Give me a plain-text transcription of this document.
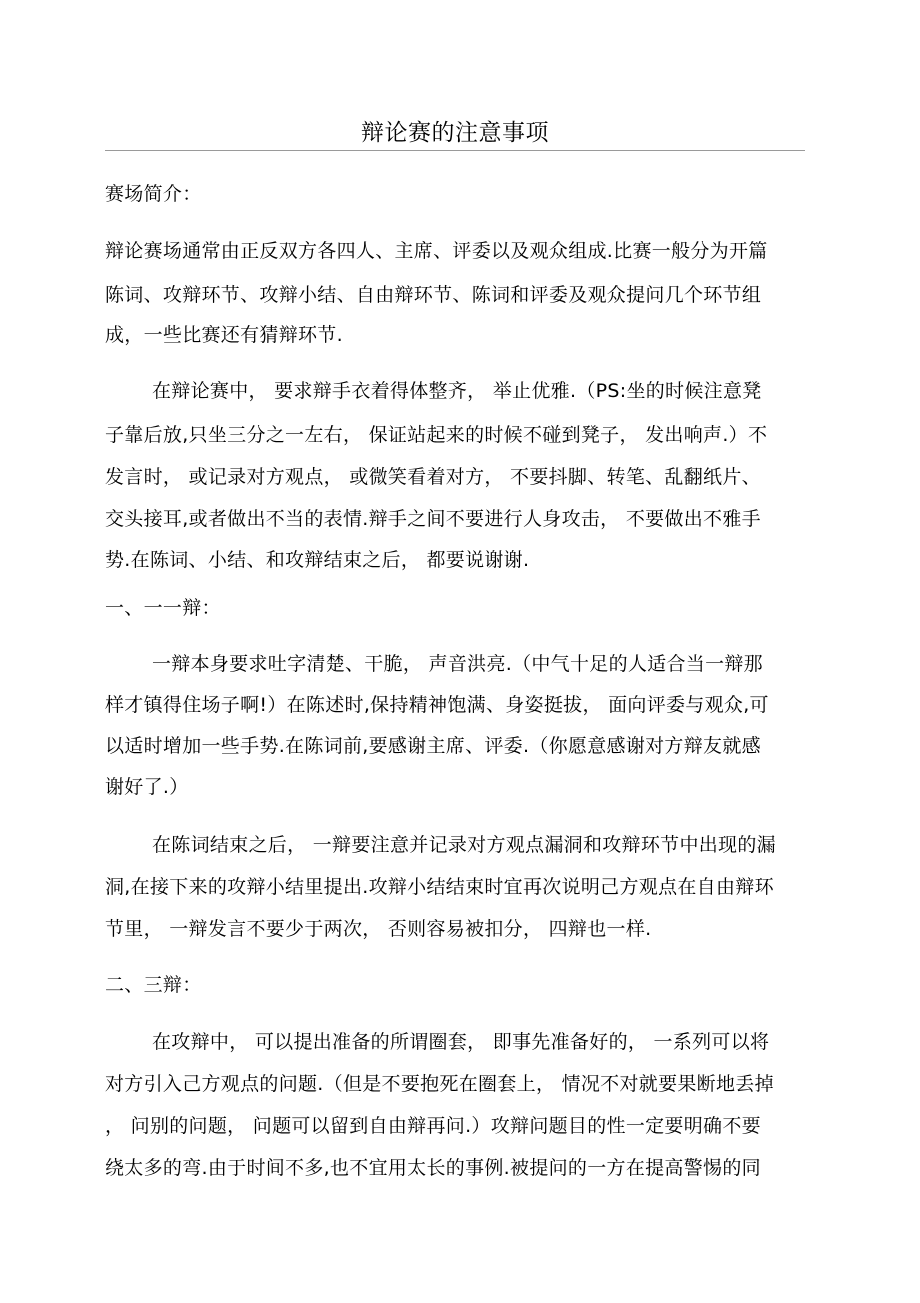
辩论赛的注意事项
赛场简介：
辩论赛场通常由正反双方各四人、主席、评委以及观众组成.比赛一般分为开篇
陈词、攻辩环节、攻辩小结、自由辩环节、陈词和评委及观众提问几个环节组
成，一些比赛还有猜辩环节.
在辩论赛中， 要求辩手衣着得体整齐， 举止优雅.（PS:坐的时候注意凳
子靠后放,只坐三分之一左右， 保证站起来的时候不碰到凳子， 发出响声.）不
发言时， 或记录对方观点， 或微笑看着对方， 不要抖脚、转笔、乱翻纸片、
交头接耳,或者做出不当的表情.辩手之间不要进行人身攻击， 不要做出不雅手
势.在陈词、小结、和攻辩结束之后， 都要说谢谢.
一、一一辩：
一辩本身要求吐字清楚、干脆， 声音洪亮.（中气十足的人适合当一辩那
样才镇得住场子啊!）在陈述时,保持精神饱满、身姿挺拔， 面向评委与观众,可
以适时增加一些手势.在陈词前,要感谢主席、评委.（你愿意感谢对方辩友就感
谢好了.）
在陈词结束之后， 一辩要注意并记录对方观点漏洞和攻辩环节中出现的漏
洞,在接下来的攻辩小结里提出.攻辩小结结束时宜再次说明己方观点在自由辩环
节里， 一辩发言不要少于两次， 否则容易被扣分， 四辩也一样.
二、三辩：
在攻辩中， 可以提出准备的所谓圈套， 即事先准备好的， 一系列可以将
对方引入己方观点的问题.（但是不要抱死在圈套上， 情况不对就要果断地丢掉
， 问别的问题， 问题可以留到自由辩再问.）攻辩问题目的性一定要明确不要
绕太多的弯.由于时间不多,也不宜用太长的事例.被提问的一方在提高警惕的同
